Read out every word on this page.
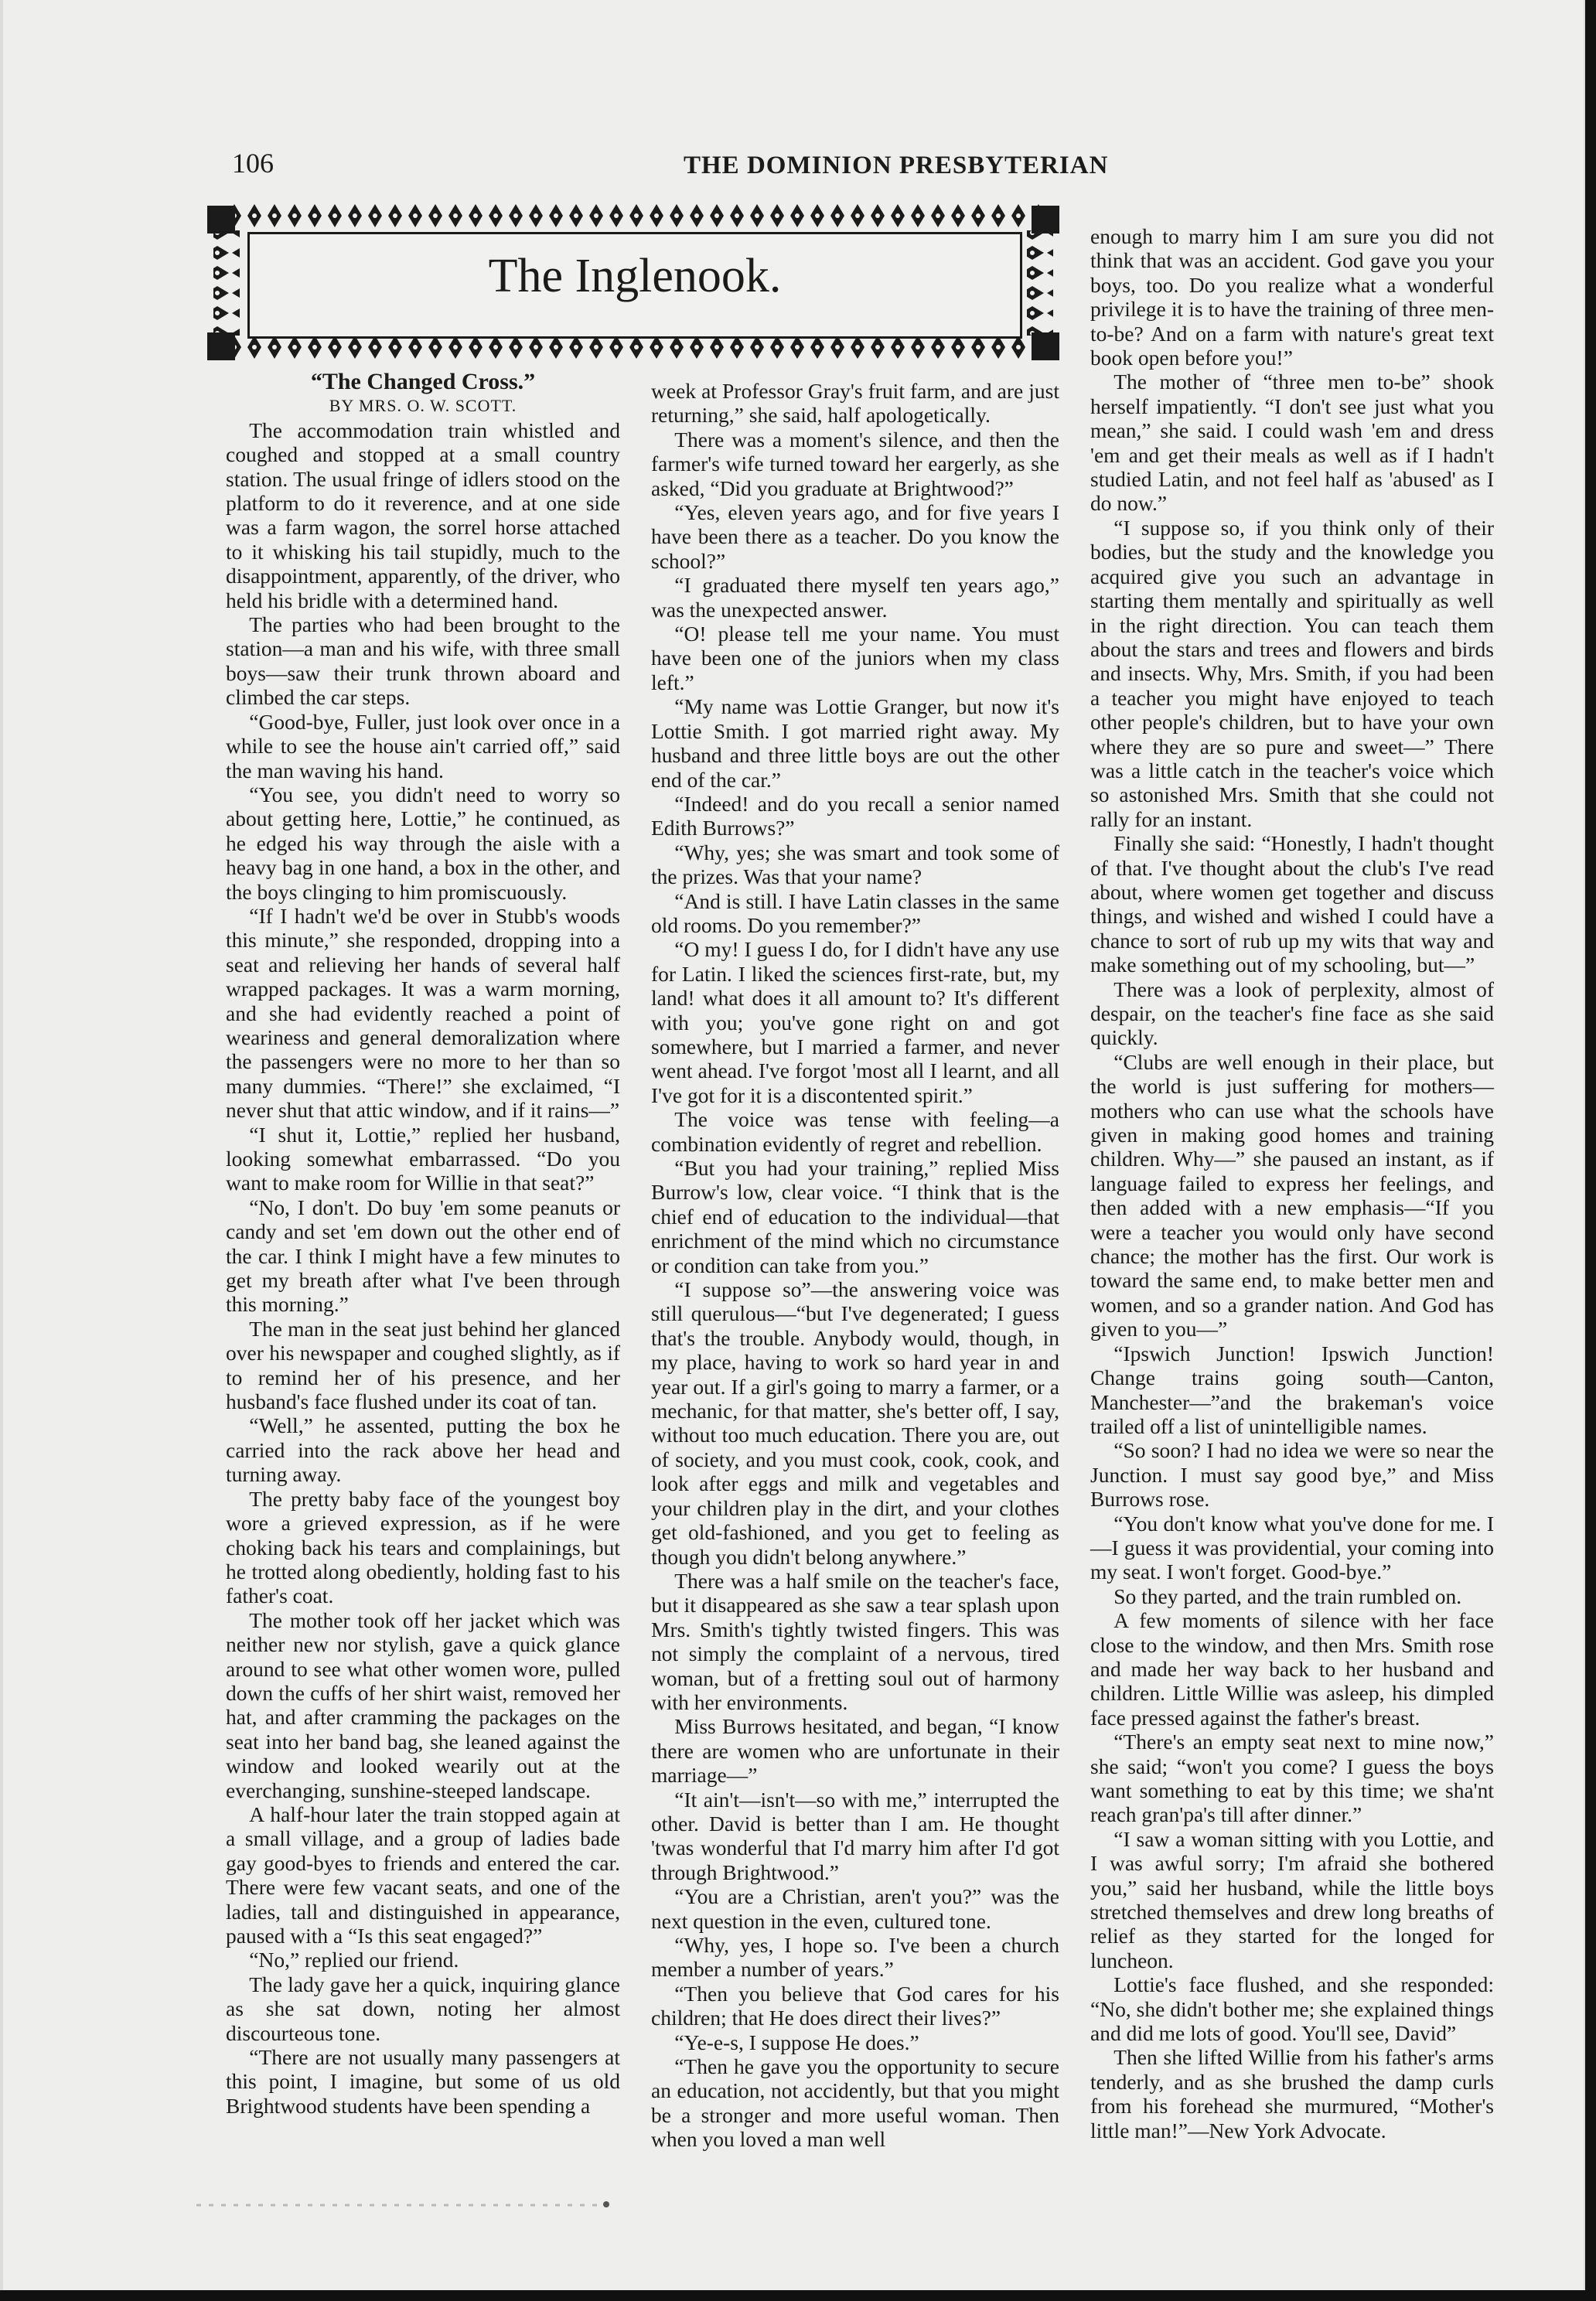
106	THE DOMINION PRESBYTERIAN
The Inglenook.

“The Changed Cross.”

BY MRS. O. W. SCOTT.

The accommodation train whistled and coughed and stopped at a small country station. The usual fringe of idlers stood on the platform to do it reverence, and at one side was a farm wagon, the sorrel horse attached to it whisking his tail stupidly, much to the disappointment, apparently, of the driver, who held his bridle with a determined hand.

The parties who had been brought to the station—a man and his wife, with three small boys—saw their trunk thrown aboard and climbed the car steps.

“Good-bye, Fuller, just look over once in a while to see the house ain't carried off,” said the man waving his hand.

“You see, you didn't need to worry so about getting here, Lottie,” he continued, as he edged his way through the aisle with a heavy bag in one hand, a box in the other, and the boys clinging to him promiscuously.

“If I hadn't we'd be over in Stubb's woods this minute,” she responded, dropping into a seat and relieving her hands of several half wrapped packages. It was a warm morning, and she had evidently reached a point of weariness and general demoralization where the passengers were no more to her than so many dummies. “There!” she exclaimed, “I never shut that attic window, and if it rains—”

“I shut it, Lottie,” replied her husband, looking somewhat embarrassed. “Do you want to make room for Willie in that seat?”

“No, I don't. Do buy 'em some peanuts or candy and set 'em down out the other end of the car. I think I might have a few minutes to get my breath after what I've been through this morning.”

The man in the seat just behind her glanced over his newspaper and coughed slightly, as if to remind her of his presence, and her husband's face flushed under its coat of tan.

“Well,” he assented, putting the box he carried into the rack above her head and turning away.

The pretty baby face of the youngest boy wore a grieved expression, as if he were choking back his tears and complainings, but he trotted along obediently, holding fast to his father's coat.

The mother took off her jacket which was neither new nor stylish, gave a quick glance around to see what other women wore, pulled down the cuffs of her shirt waist, removed her hat, and after cramming the packages on the seat into her band bag, she leaned against the window and looked wearily out at the everchanging, sunshine-steeped landscape.

A half-hour later the train stopped again at a small village, and a group of ladies bade gay good-byes to friends and entered the car. There were few vacant seats, and one of the ladies, tall and distinguished in appearance, paused with a “Is this seat engaged?”

“No,” replied our friend.

The lady gave her a quick, inquiring glance as she sat down, noting her almost discourteous tone.

“There are not usually many passengers at this point, I imagine, but some of us old Brightwood students have been spending a

week at Professor Gray's fruit farm, and are just returning,” she said, half apologetically.

There was a moment's silence, and then the farmer's wife turned toward her eargerly, as she asked, “Did you graduate at Brightwood?”

“Yes, eleven years ago, and for five years I have been there as a teacher. Do you know the school?”

“I graduated there myself ten years ago,” was the unexpected answer.

“O! please tell me your name. You must have been one of the juniors when my class left.”

“My name was Lottie Granger, but now it's Lottie Smith. I got married right away. My husband and three little boys are out the other end of the car.”

“Indeed! and do you recall a senior named Edith Burrows?”

“Why, yes; she was smart and took some of the prizes. Was that your name?

“And is still. I have Latin classes in the same old rooms. Do you remember?”

“O my! I guess I do, for I didn't have any use for Latin. I liked the sciences first-rate, but, my land! what does it all amount to? It's different with you; you've gone right on and got somewhere, but I married a farmer, and never went ahead. I've forgot 'most all I learnt, and all I've got for it is a discontented spirit.”

The voice was tense with feeling—a combination evidently of regret and rebellion.

“But you had your training,” replied Miss Burrow's low, clear voice. “I think that is the chief end of education to the individual—that enrichment of the mind which no circumstance or condition can take from you.”

“I suppose so”—the answering voice was still querulous—“but I've degenerated; I guess that's the trouble. Anybody would, though, in my place, having to work so hard year in and year out. If a girl's going to marry a farmer, or a mechanic, for that matter, she's better off, I say, without too much education. There you are, out of society, and you must cook, cook, cook, and look after eggs and milk and vegetables and your children play in the dirt, and your clothes get old-fashioned, and you get to feeling as though you didn't belong anywhere.”

There was a half smile on the teacher's face, but it disappeared as she saw a tear splash upon Mrs. Smith's tightly twisted fingers. This was not simply the complaint of a nervous, tired woman, but of a fretting soul out of harmony with her environments.

Miss Burrows hesitated, and began, “I know there are women who are unfortunate in their marriage—”

“It ain't—isn't—so with me,” interrupted the other. David is better than I am. He thought 'twas wonderful that I'd marry him after I'd got through Brightwood.”

“You are a Christian, aren't you?” was the next question in the even, cultured tone.

“Why, yes, I hope so. I've been a church member a number of years.”

“Then you believe that God cares for his children; that He does direct their lives?”

“Ye-e-s, I suppose He does.”

“Then he gave you the opportunity to secure an education, not accidently, but that you might be a stronger and more useful woman. Then when you loved a man well

enough to marry him I am sure you did not think that was an accident. God gave you your boys, too. Do you realize what a wonderful privilege it is to have the training of three men-to-be? And on a farm with nature's great text book open before you!”

The mother of “three men to-be” shook herself impatiently. “I don't see just what you mean,” she said. I could wash 'em and dress 'em and get their meals as well as if I hadn't studied Latin, and not feel half as 'abused' as I do now.”

“I suppose so, if you think only of their bodies, but the study and the knowledge you acquired give you such an advantage in starting them mentally and spiritually as well in the right direction. You can teach them about the stars and trees and flowers and birds and insects. Why, Mrs. Smith, if you had been a teacher you might have enjoyed to teach other people's children, but to have your own where they are so pure and sweet—” There was a little catch in the teacher's voice which so astonished Mrs. Smith that she could not rally for an instant.

Finally she said: “Honestly, I hadn't thought of that. I've thought about the club's I've read about, where women get together and discuss things, and wished and wished I could have a chance to sort of rub up my wits that way and make something out of my schooling, but—”

There was a look of perplexity, almost of despair, on the teacher's fine face as she said quickly.

“Clubs are well enough in their place, but the world is just suffering for mothers—mothers who can use what the schools have given in making good homes and training children. Why—” she paused an instant, as if language failed to express her feelings, and then added with a new emphasis—“If you were a teacher you would only have second chance; the mother has the first. Our work is toward the same end, to make better men and women, and so a grander nation. And God has given to you—”

“Ipswich Junction! Ipswich Junction! Change trains going south—Canton, Manchester—”and the brakeman's voice trailed off a list of unintelligible names.

“So soon? I had no idea we were so near the Junction. I must say good bye,” and Miss Burrows rose.

“You don't know what you've done for me. I—I guess it was providential, your coming into my seat. I won't forget. Good-bye.”

So they parted, and the train rumbled on.

A few moments of silence with her face close to the window, and then Mrs. Smith rose and made her way back to her husband and children. Little Willie was asleep, his dimpled face pressed against the father's breast.

“There's an empty seat next to mine now,” she said; “won't you come? I guess the boys want something to eat by this time; we sha'nt reach gran'pa's till after dinner.”

“I saw a woman sitting with you Lottie, and I was awful sorry; I'm afraid she bothered you,” said her husband, while the little boys stretched themselves and drew long breaths of relief as they started for the longed for luncheon.

Lottie's face flushed, and she responded: “No, she didn't bother me; she explained things and did me lots of good. You'll see, David”

Then she lifted Willie from his father's arms tenderly, and as she brushed the damp curls from his forehead she murmured, “Mother's little man!”—New York Advocate.
